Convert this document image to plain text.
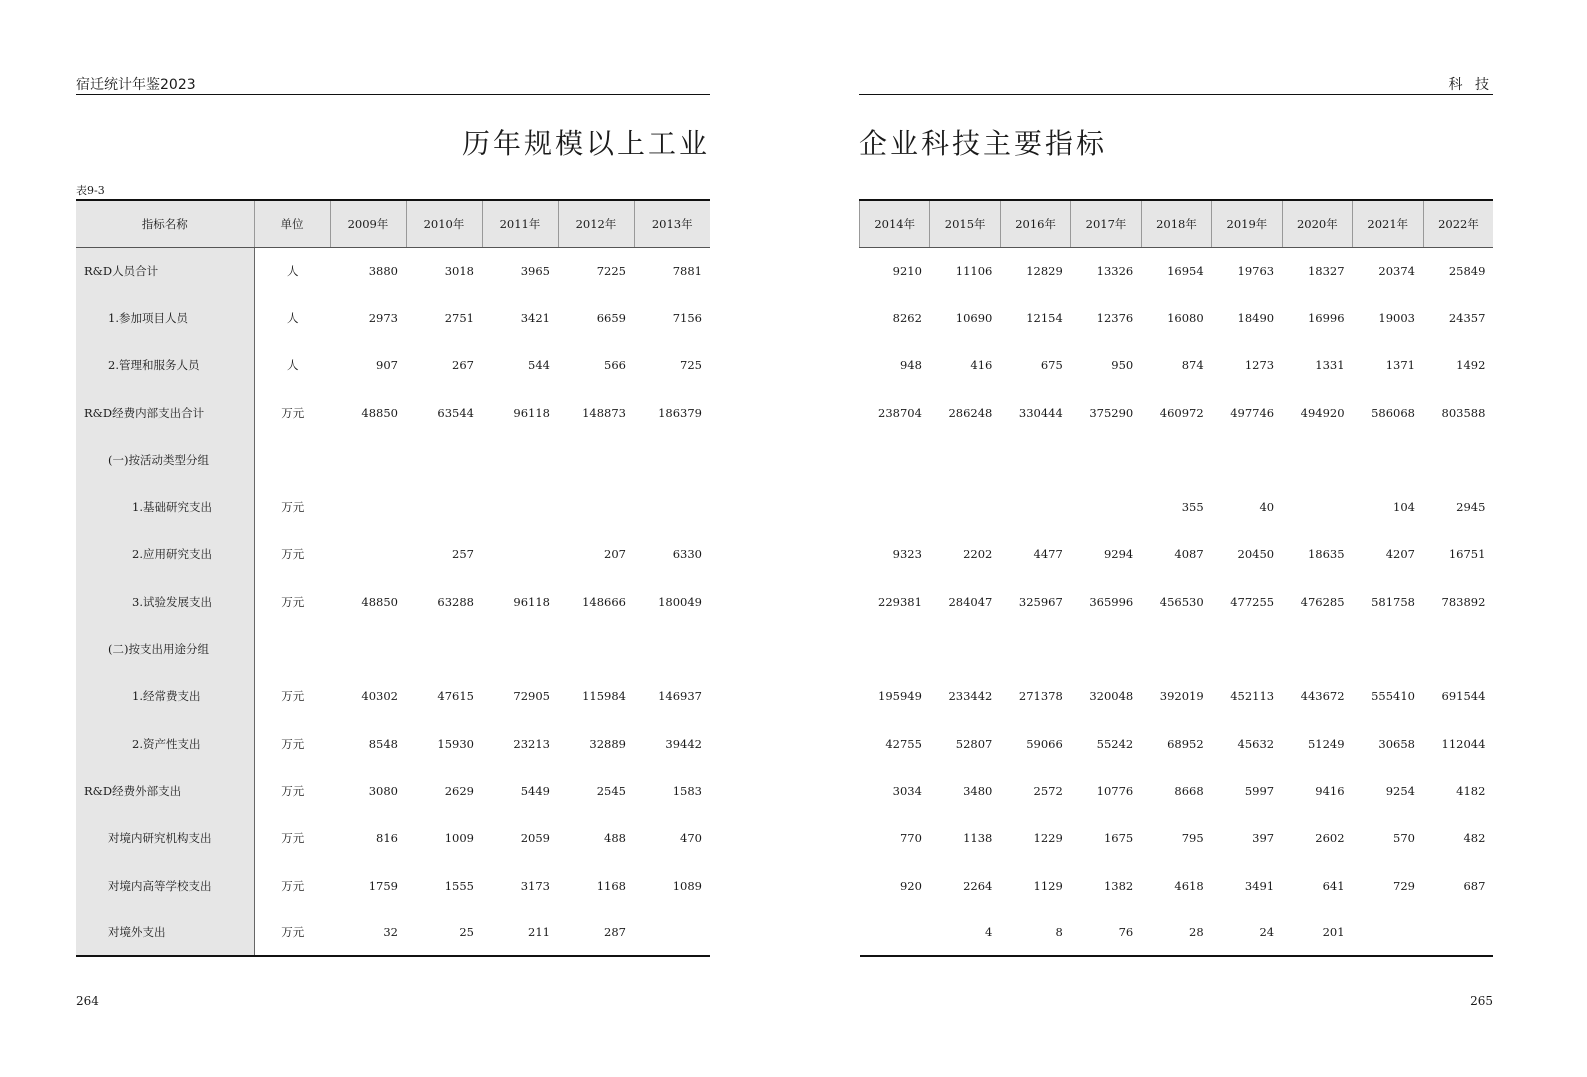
宿迁统计年鉴2023
历年规模以上工业
表9-3
指标名称	单位	2009年	2010年	2011年	2012年	2013年
R&D人员合计	人	3880	3018	3965	7225	7881
1.参加项目人员	人	2973	2751	3421	6659	7156
2.管理和服务人员	人	907	267	544	566	725
R&D经费内部支出合计	万元	48850	63544	96118	148873	186379
(一)按活动类型分组						
1.基础研究支出	万元					
2.应用研究支出	万元		257		207	6330
3.试验发展支出	万元	48850	63288	96118	148666	180049
(二)按支出用途分组						
1.经常费支出	万元	40302	47615	72905	115984	146937
2.资产性支出	万元	8548	15930	23213	32889	39442
R&D经费外部支出	万元	3080	2629	5449	2545	1583
对境内研究机构支出	万元	816	1009	2059	488	470
对境内高等学校支出	万元	1759	1555	3173	1168	1089
对境外支出	万元	32	25	211	287	
264
科 技
企业科技主要指标
2014年	2015年	2016年	2017年	2018年	2019年	2020年	2021年	2022年
9210	11106	12829	13326	16954	19763	18327	20374	25849
8262	10690	12154	12376	16080	18490	16996	19003	24357
948	416	675	950	874	1273	1331	1371	1492
238704	286248	330444	375290	460972	497746	494920	586068	803588

				355	40		104	2945
9323	2202	4477	9294	4087	20450	18635	4207	16751
229381	284047	325967	365996	456530	477255	476285	581758	783892

195949	233442	271378	320048	392019	452113	443672	555410	691544
42755	52807	59066	55242	68952	45632	51249	30658	112044
3034	3480	2572	10776	8668	5997	9416	9254	4182
770	1138	1229	1675	795	397	2602	570	482
920	2264	1129	1382	4618	3491	641	729	687
	4	8	76	28	24	201		
265
